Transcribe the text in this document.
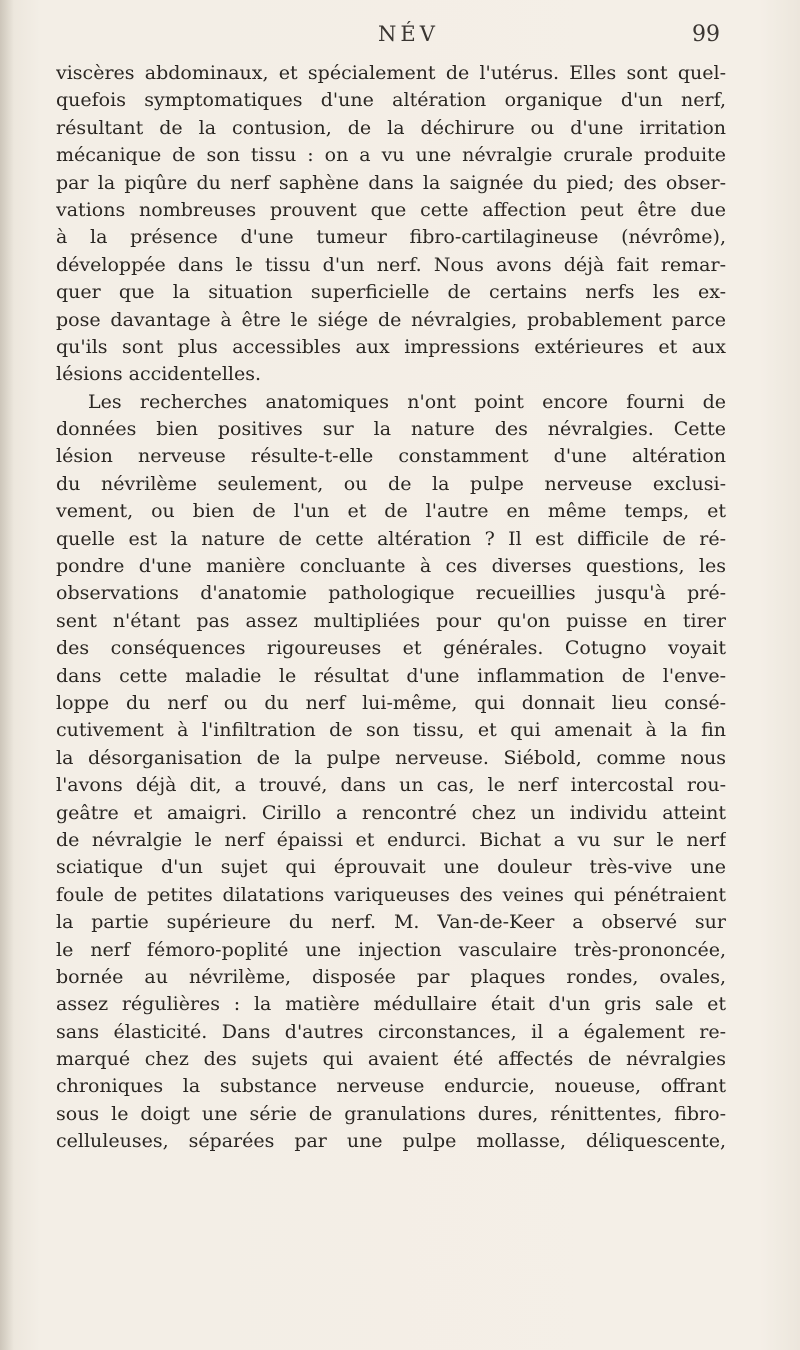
NÉV	99
viscères abdominaux, et spécialement de l'utérus. Elles sont quel-
quefois symptomatiques d'une altération organique d'un nerf,
résultant de la contusion, de la déchirure ou d'une irritation
mécanique de son tissu : on a vu une névralgie crurale produite
par la piqûre du nerf saphène dans la saignée du pied; des obser-
vations nombreuses prouvent que cette affection peut être due
à la présence d'une tumeur fibro-cartilagineuse (névrôme),
développée dans le tissu d'un nerf. Nous avons déjà fait remar-
quer que la situation superficielle de certains nerfs les ex-
pose davantage à être le siége de névralgies, probablement parce
qu'ils sont plus accessibles aux impressions extérieures et aux
lésions accidentelles.
Les recherches anatomiques n'ont point encore fourni de
données bien positives sur la nature des névralgies. Cette
lésion nerveuse résulte-t-elle constamment d'une altération
du névrilème seulement, ou de la pulpe nerveuse exclusi-
vement, ou bien de l'un et de l'autre en même temps, et
quelle est la nature de cette altération ? Il est difficile de ré-
pondre d'une manière concluante à ces diverses questions, les
observations d'anatomie pathologique recueillies jusqu'à pré-
sent n'étant pas assez multipliées pour qu'on puisse en tirer
des conséquences rigoureuses et générales. Cotugno voyait
dans cette maladie le résultat d'une inflammation de l'enve-
loppe du nerf ou du nerf lui-même, qui donnait lieu consé-
cutivement à l'infiltration de son tissu, et qui amenait à la fin
la désorganisation de la pulpe nerveuse. Siébold, comme nous
l'avons déjà dit, a trouvé, dans un cas, le nerf intercostal rou-
geâtre et amaigri. Cirillo a rencontré chez un individu atteint
de névralgie le nerf épaissi et endurci. Bichat a vu sur le nerf
sciatique d'un sujet qui éprouvait une douleur très-vive une
foule de petites dilatations variqueuses des veines qui pénétraient
la partie supérieure du nerf. M. Van-de-Keer a observé sur
le nerf fémoro-poplité une injection vasculaire très-prononcée,
bornée au névrilème, disposée par plaques rondes, ovales,
assez régulières : la matière médullaire était d'un gris sale et
sans élasticité. Dans d'autres circonstances, il a également re-
marqué chez des sujets qui avaient été affectés de névralgies
chroniques la substance nerveuse endurcie, noueuse, offrant
sous le doigt une série de granulations dures, rénittentes, fibro-
celluleuses, séparées par une pulpe mollasse, déliquescente,
